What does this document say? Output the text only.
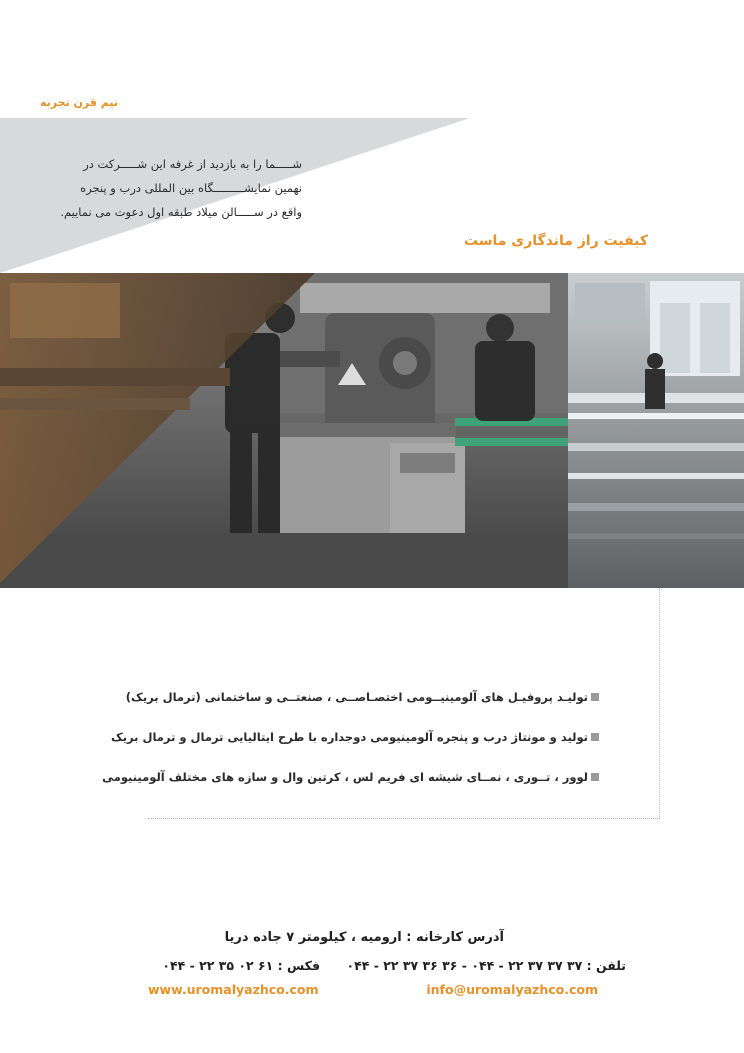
نیم قرن تجربه
شـــــما را به بازدید از غرفه این شـــــرکت در
نهمین نمایشـــــــــگاه بین المللی درب و پنجره
واقع در ســـــالن میلاد طبقه اول دعوت می نماییم.
کیفیت راز ماندگاری ماست
تولیـد پروفیـل های آلومینیــومی اختصـاصــی ، صنعتــی و ساختمانی (ترمال بریک)
تولید و مونتاژ درب و پنجره آلومینیومی دوجداره با طرح ایتالیایی ترمال و ترمال بریک
لوور ، تــوری ، نمــای شیشه ای فریم لس ، کرتین وال و سازه های مختلف آلومینیومی
آدرس کارخانه : ارومیه ، کیلومتر ۷ جاده دریا
تلفن : ۳۷ ۳۷ ۳۷ ۲۲ - ۰۴۴ - ۳۶ ۳۶ ۳۷ ۲۲ - ۰۴۴ فکس : ۶۱ ۰۲ ۳۵ ۲۲ - ۰۴۴
www.uromalyazhco.com	info@uromalyazhco.com
